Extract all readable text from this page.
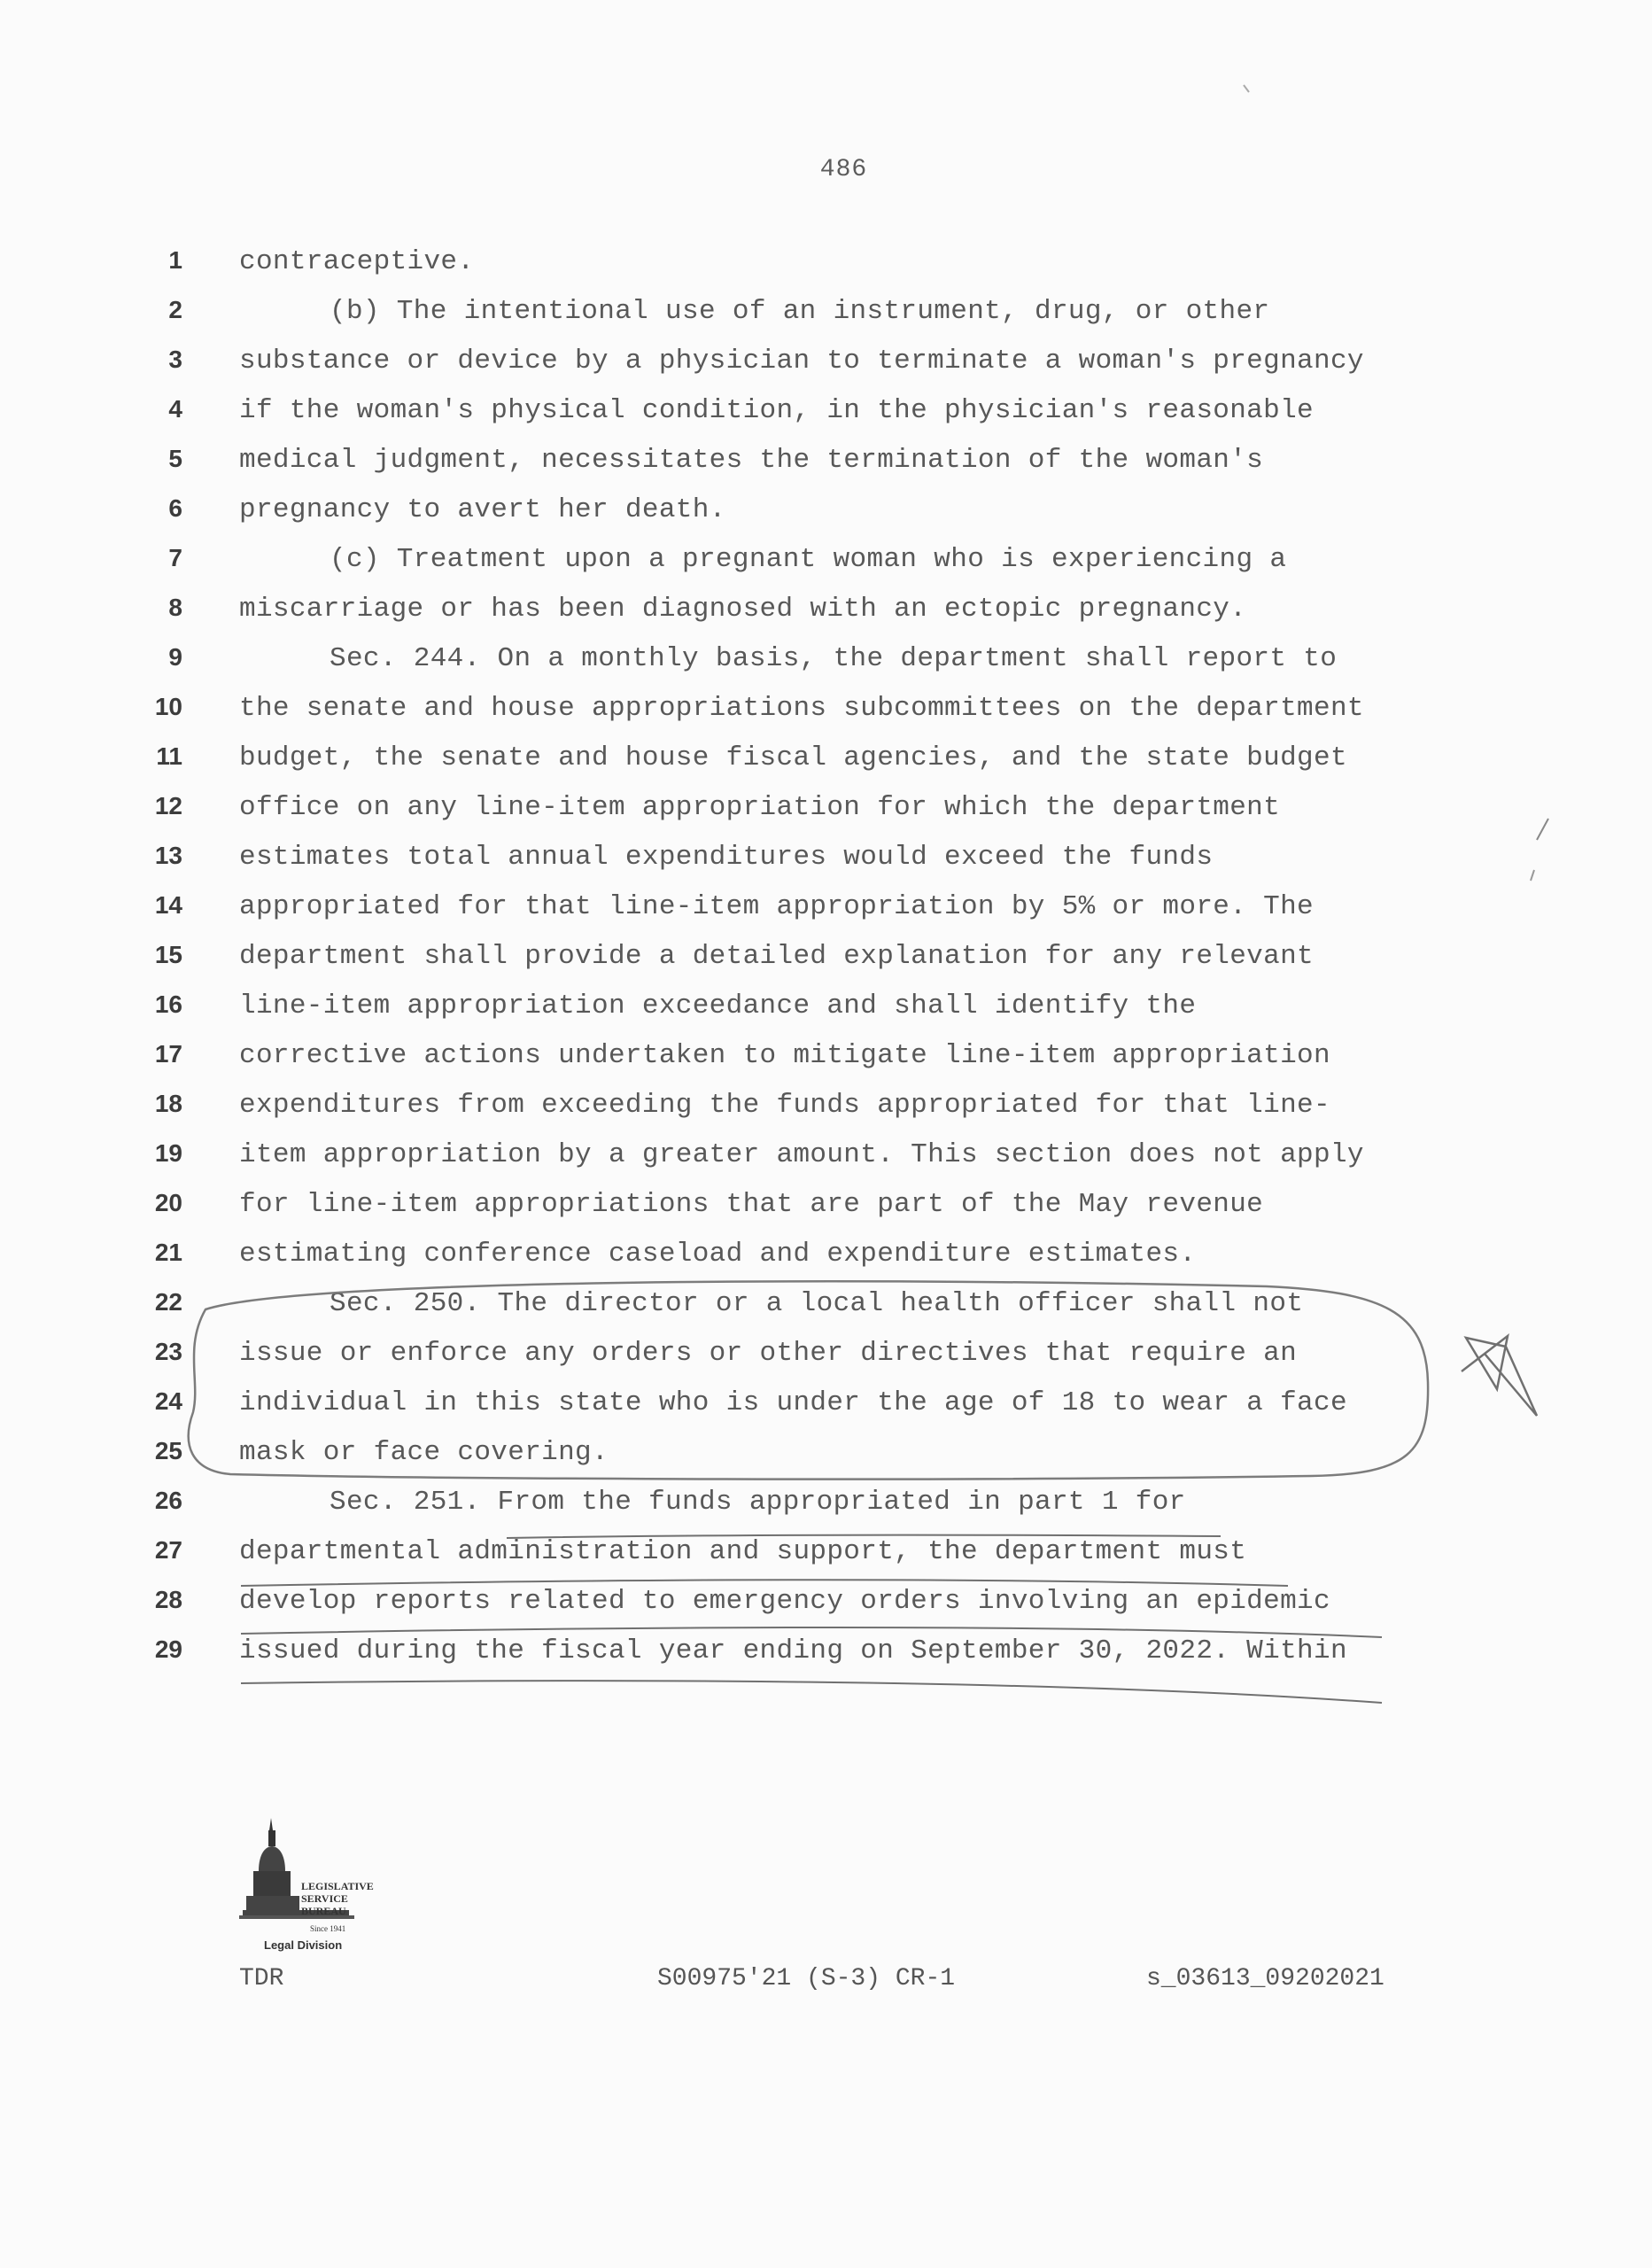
486
1 contraceptive.
2	(b) The intentional use of an instrument, drug, or other
3 substance or device by a physician to terminate a woman's pregnancy
4 if the woman's physical condition, in the physician's reasonable
5 medical judgment, necessitates the termination of the woman's
6 pregnancy to avert her death.
7	(c) Treatment upon a pregnant woman who is experiencing a
8 miscarriage or has been diagnosed with an ectopic pregnancy.
9	Sec. 244. On a monthly basis, the department shall report to
10 the senate and house appropriations subcommittees on the department
11 budget, the senate and house fiscal agencies, and the state budget
12 office on any line-item appropriation for which the department
13 estimates total annual expenditures would exceed the funds
14 appropriated for that line-item appropriation by 5% or more. The
15 department shall provide a detailed explanation for any relevant
16 line-item appropriation exceedance and shall identify the
17 corrective actions undertaken to mitigate line-item appropriation
18 expenditures from exceeding the funds appropriated for that line-
19 item appropriation by a greater amount. This section does not apply
20 for line-item appropriations that are part of the May revenue
21 estimating conference caseload and expenditure estimates.
22	Sec. 250. The director or a local health officer shall not
23 issue or enforce any orders or other directives that require an
24 individual in this state who is under the age of 18 to wear a face
25 mask or face covering.
26	Sec. 251. From the funds appropriated in part 1 for
27 departmental administration and support, the department must
28 develop reports related to emergency orders involving an epidemic
29 issued during the fiscal year ending on September 30, 2022. Within
LEGISLATIVE
SERVICE
BUREAU
Since 1941
Legal Division
TDR	S00975'21 (S-3) CR-1	s_03613_09202021
